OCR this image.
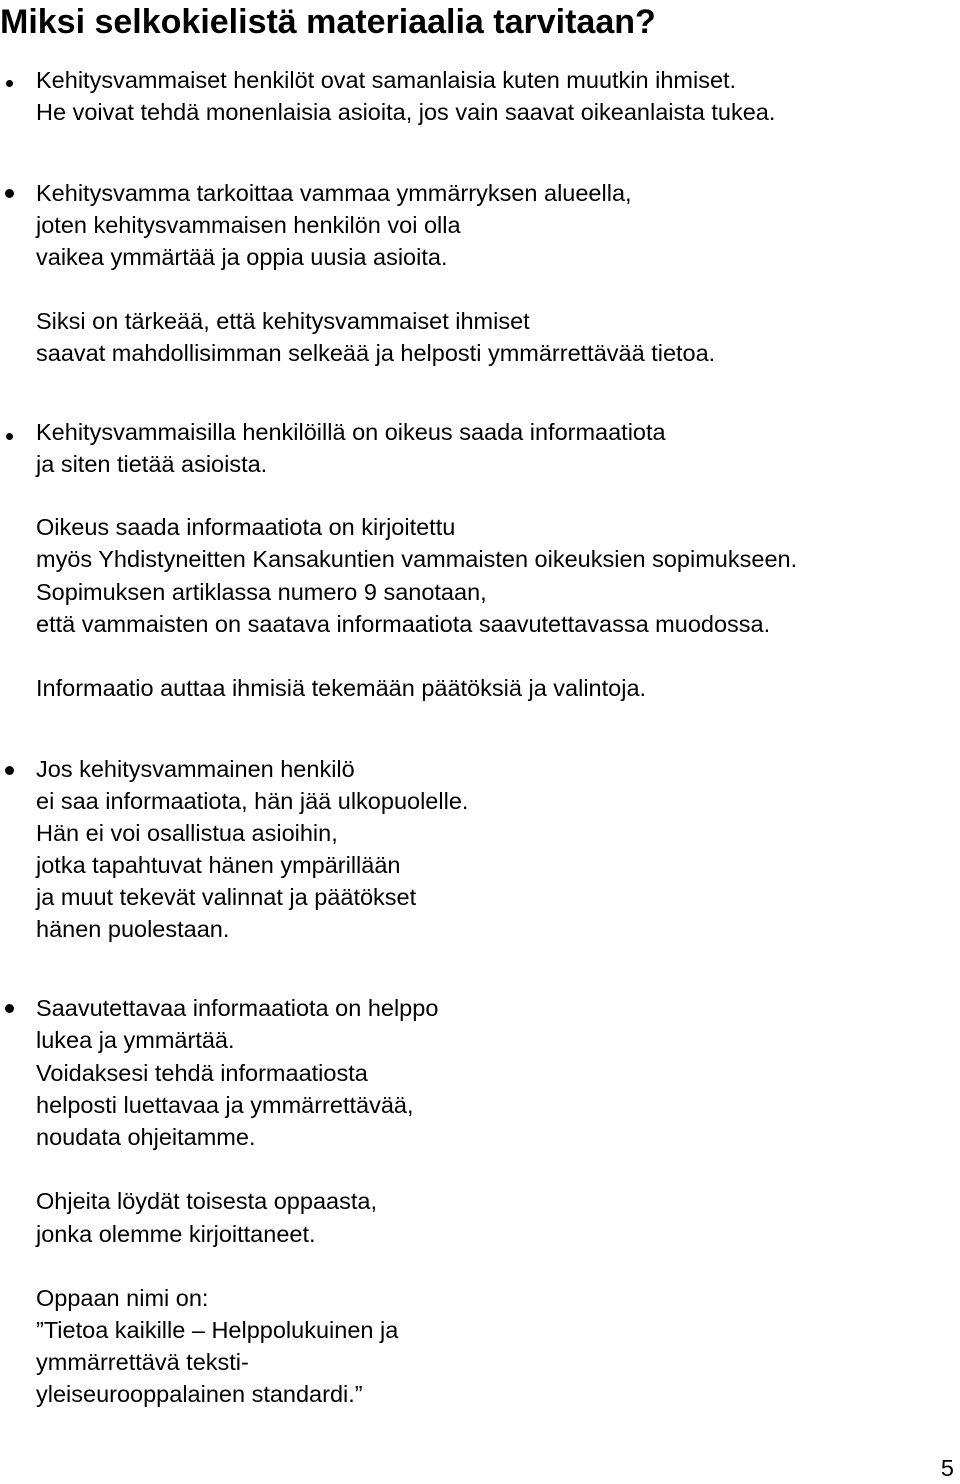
Miksi selkokielistä materiaalia tarvitaan?
Kehitysvammaiset henkilöt ovat samanlaisia kuten muutkin ihmiset.
He voivat tehdä monenlaisia asioita, jos vain saavat oikeanlaista tukea.
Kehitysvamma tarkoittaa vammaa ymmärryksen alueella,
joten kehitysvammaisen henkilön voi olla
vaikea ymmärtää ja oppia uusia asioita.
Siksi on tärkeää, että kehitysvammaiset ihmiset
saavat mahdollisimman selkeää ja helposti ymmärrettävää tietoa.
Kehitysvammaisilla henkilöillä on oikeus saada informaatiota
ja siten tietää asioista.
Oikeus saada informaatiota on kirjoitettu
myös Yhdistyneitten Kansakuntien vammaisten oikeuksien sopimukseen.
Sopimuksen artiklassa numero 9 sanotaan,
että vammaisten on saatava informaatiota saavutettavassa muodossa.
Informaatio auttaa ihmisiä tekemään päätöksiä ja valintoja.
Jos kehitysvammainen henkilö
ei saa informaatiota, hän jää ulkopuolelle.
Hän ei voi osallistua asioihin,
jotka tapahtuvat hänen ympärillään
ja muut tekevät valinnat ja päätökset
hänen puolestaan.
Saavutettavaa informaatiota on helppo
lukea ja ymmärtää.
Voidaksesi tehdä informaatiosta
helposti luettavaa ja ymmärrettävää,
noudata ohjeitamme.
Ohjeita löydät toisesta oppaasta,
jonka olemme kirjoittaneet.
Oppaan nimi on:
”Tietoa kaikille – Helppolukuinen ja
ymmärrettävä teksti-
yleiseurooppalainen standardi.”
5
